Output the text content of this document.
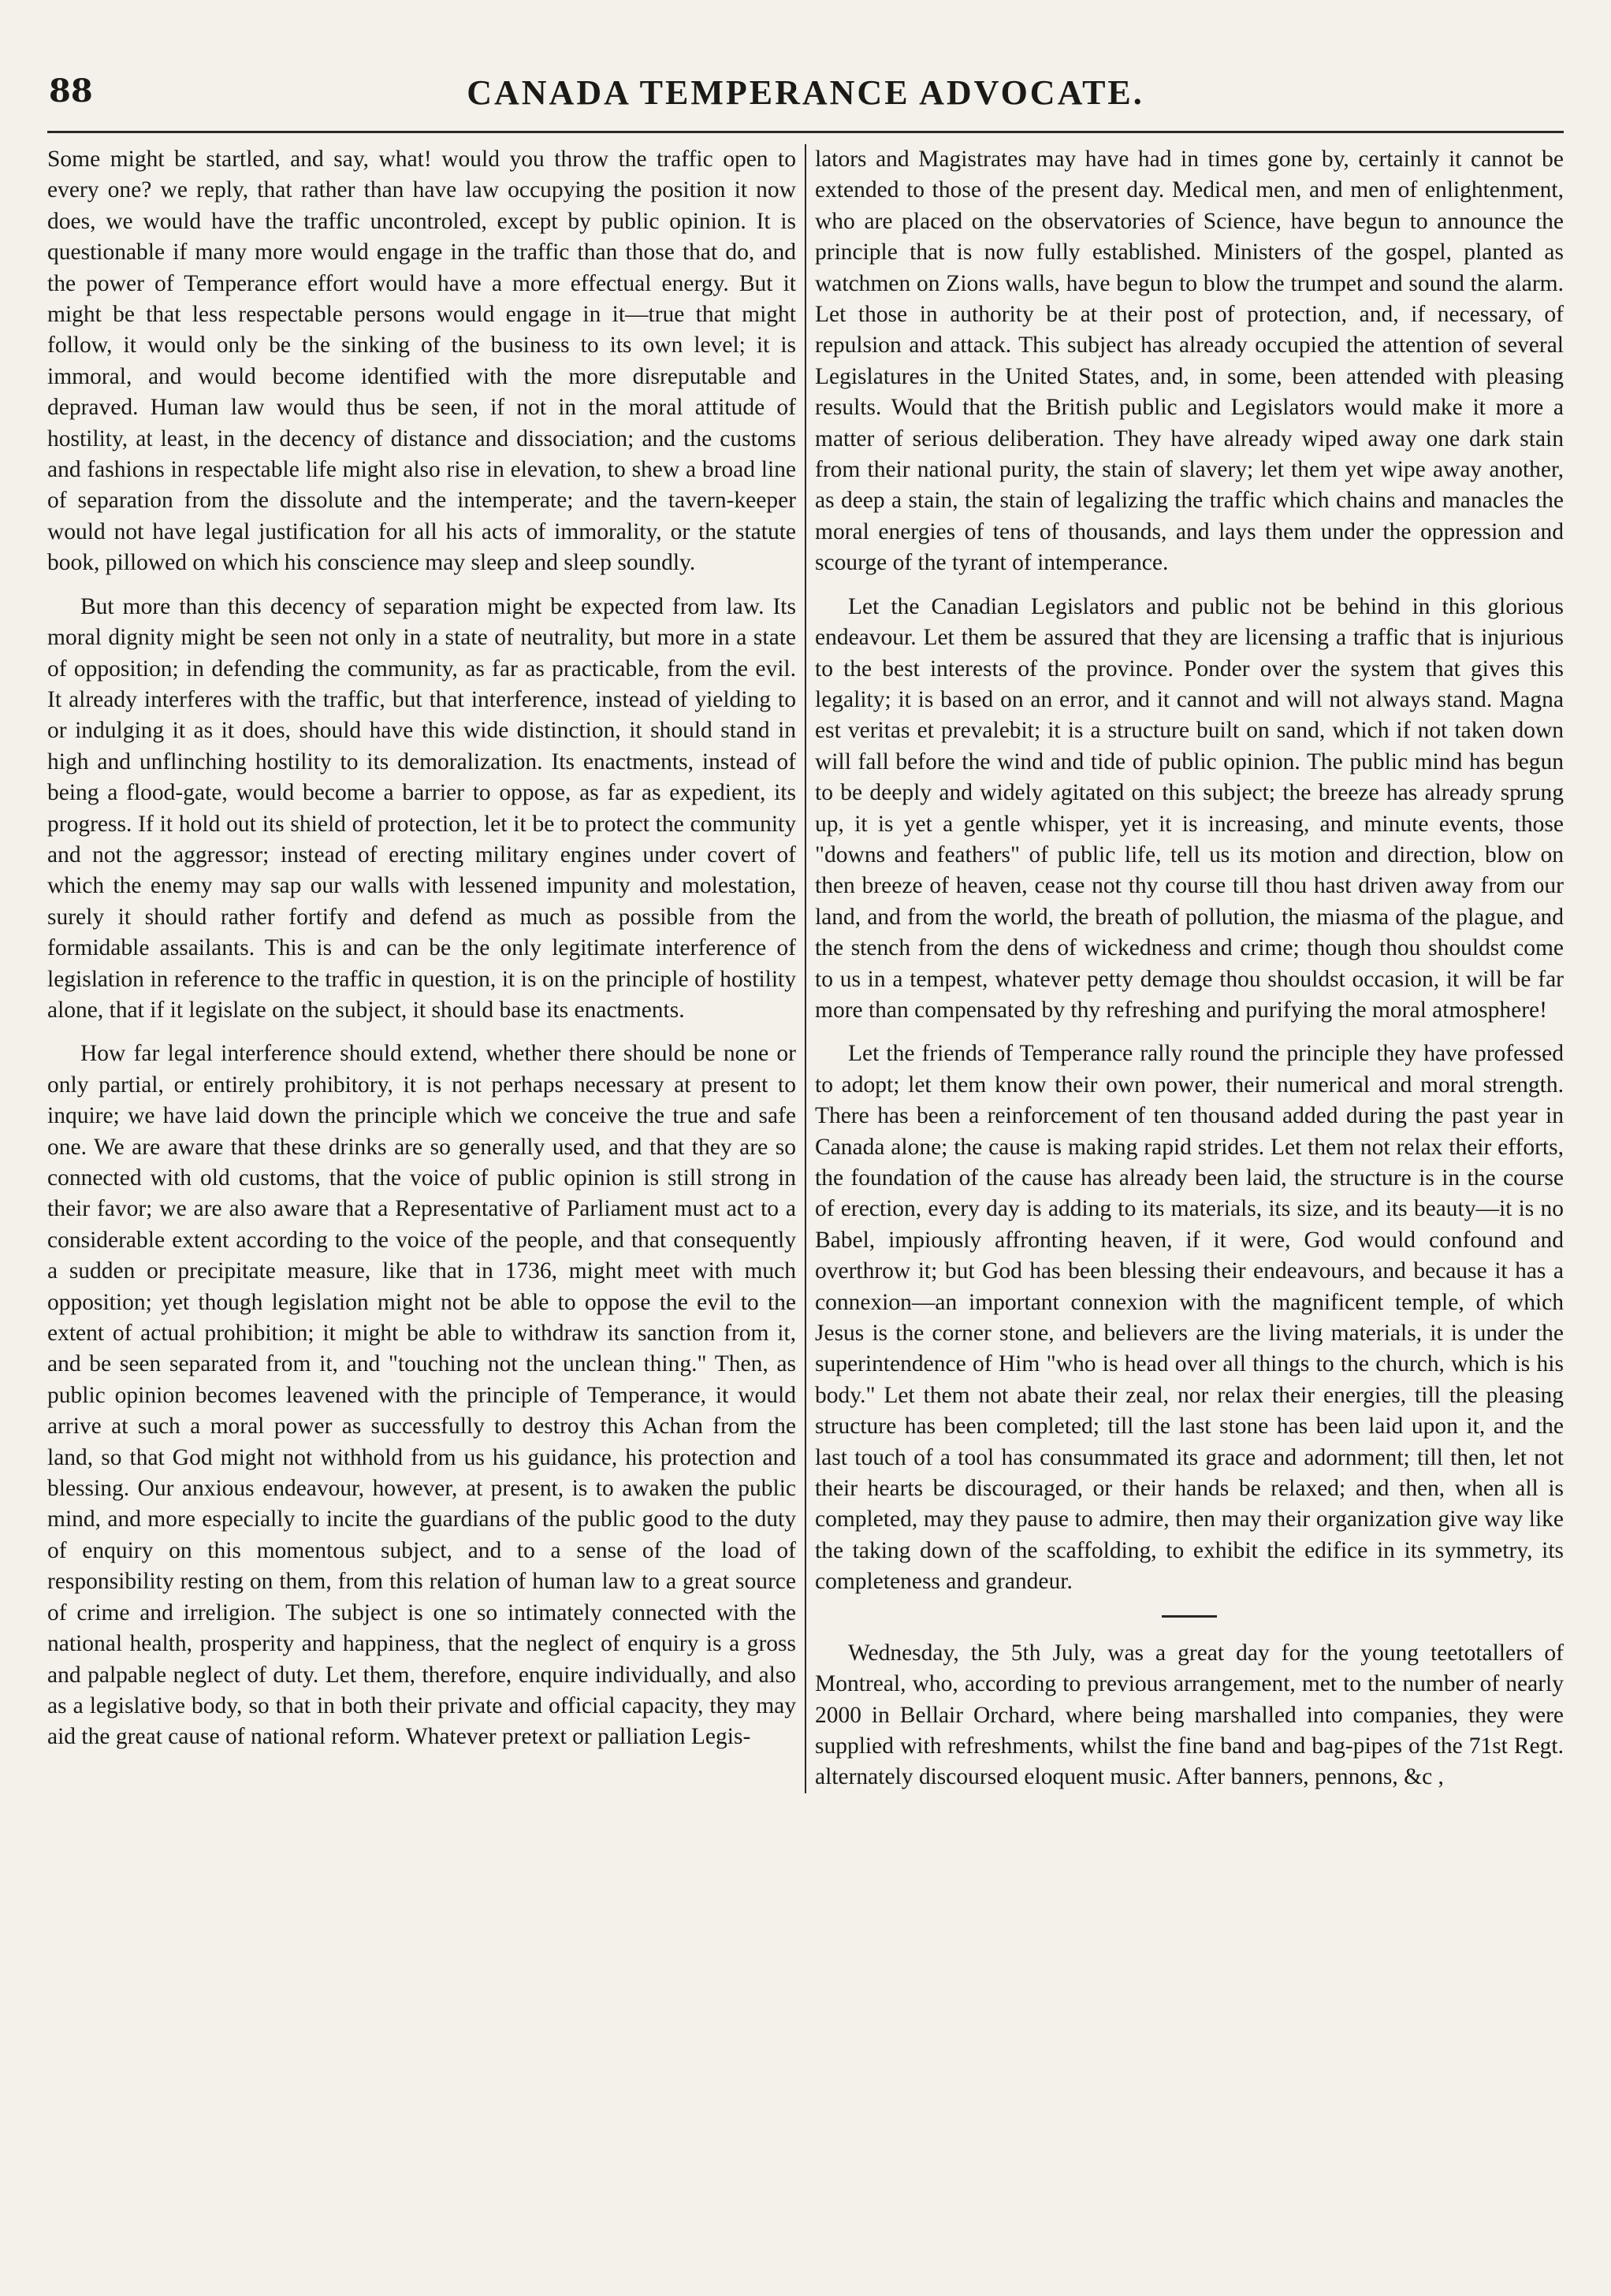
88	CANADA TEMPERANCE ADVOCATE.

Some might be startled, and say, what! would you throw the traffic open to every one? we reply, that rather than have law occupying the position it now does, we would have the traffic uncontroled, except by public opinion. It is questionable if many more would engage in the traffic than those that do, and the power of Temperance effort would have a more effectual energy. But it might be that less respectable persons would engage in it—true that might follow, it would only be the sinking of the business to its own level; it is immoral, and would become identified with the more disreputable and depraved. Human law would thus be seen, if not in the moral attitude of hostility, at least, in the decency of distance and dissociation; and the customs and fashions in respectable life might also rise in elevation, to shew a broad line of separation from the dissolute and the intemperate; and the tavern-keeper would not have legal justification for all his acts of immorality, or the statute book, pillowed on which his conscience may sleep and sleep soundly.

But more than this decency of separation might be expected from law. Its moral dignity might be seen not only in a state of neutrality, but more in a state of opposition; in defending the community, as far as practicable, from the evil. It already interferes with the traffic, but that interference, instead of yielding to or indulging it as it does, should have this wide distinction, it should stand in high and unflinching hostility to its demoralization. Its enactments, instead of being a flood-gate, would become a barrier to oppose, as far as expedient, its progress. If it hold out its shield of protection, let it be to protect the community and not the aggressor; instead of erecting military engines under covert of which the enemy may sap our walls with lessened impunity and molestation, surely it should rather fortify and defend as much as possible from the formidable assailants. This is and can be the only legitimate interference of legislation in reference to the traffic in question, it is on the principle of hostility alone, that if it legislate on the subject, it should base its enactments.

How far legal interference should extend, whether there should be none or only partial, or entirely prohibitory, it is not perhaps necessary at present to inquire; we have laid down the principle which we conceive the true and safe one. We are aware that these drinks are so generally used, and that they are so connected with old customs, that the voice of public opinion is still strong in their favor; we are also aware that a Representative of Parliament must act to a considerable extent according to the voice of the people, and that consequently a sudden or precipitate measure, like that in 1736, might meet with much opposition; yet though legislation might not be able to oppose the evil to the extent of actual prohibition; it might be able to withdraw its sanction from it, and be seen separated from it, and "touching not the unclean thing." Then, as public opinion becomes leavened with the principle of Temperance, it would arrive at such a moral power as successfully to destroy this Achan from the land, so that God might not withhold from us his guidance, his protection and blessing. Our anxious endeavour, however, at present, is to awaken the public mind, and more especially to incite the guardians of the public good to the duty of enquiry on this momentous subject, and to a sense of the load of responsibility resting on them, from this relation of human law to a great source of crime and irreligion. The subject is one so intimately connected with the national health, prosperity and happiness, that the neglect of enquiry is a gross and palpable neglect of duty. Let them, therefore, enquire individually, and also as a legislative body, so that in both their private and official capacity, they may aid the great cause of national reform. Whatever pretext or palliation Legis-

lators and Magistrates may have had in times gone by, certainly it cannot be extended to those of the present day. Medical men, and men of enlightenment, who are placed on the observatories of Science, have begun to announce the principle that is now fully established. Ministers of the gospel, planted as watchmen on Zions walls, have begun to blow the trumpet and sound the alarm. Let those in authority be at their post of protection, and, if necessary, of repulsion and attack. This subject has already occupied the attention of several Legislatures in the United States, and, in some, been attended with pleasing results. Would that the British public and Legislators would make it more a matter of serious deliberation. They have already wiped away one dark stain from their national purity, the stain of slavery; let them yet wipe away another, as deep a stain, the stain of legalizing the traffic which chains and manacles the moral energies of tens of thousands, and lays them under the oppression and scourge of the tyrant of intemperance.

Let the Canadian Legislators and public not be behind in this glorious endeavour. Let them be assured that they are licensing a traffic that is injurious to the best interests of the province. Ponder over the system that gives this legality; it is based on an error, and it cannot and will not always stand. Magna est veritas et prevalebit; it is a structure built on sand, which if not taken down will fall before the wind and tide of public opinion. The public mind has begun to be deeply and widely agitated on this subject; the breeze has already sprung up, it is yet a gentle whisper, yet it is increasing, and minute events, those "downs and feathers" of public life, tell us its motion and direction, blow on then breeze of heaven, cease not thy course till thou hast driven away from our land, and from the world, the breath of pollution, the miasma of the plague, and the stench from the dens of wickedness and crime; though thou shouldst come to us in a tempest, whatever petty demage thou shouldst occasion, it will be far more than compensated by thy refreshing and purifying the moral atmosphere!

Let the friends of Temperance rally round the principle they have professed to adopt; let them know their own power, their numerical and moral strength. There has been a reinforcement of ten thousand added during the past year in Canada alone; the cause is making rapid strides. Let them not relax their efforts, the foundation of the cause has already been laid, the structure is in the course of erection, every day is adding to its materials, its size, and its beauty—it is no Babel, impiously affronting heaven, if it were, God would confound and overthrow it; but God has been blessing their endeavours, and because it has a connexion—an important connexion with the magnificent temple, of which Jesus is the corner stone, and believers are the living materials, it is under the superintendence of Him "who is head over all things to the church, which is his body." Let them not abate their zeal, nor relax their energies, till the pleasing structure has been completed; till the last stone has been laid upon it, and the last touch of a tool has consummated its grace and adornment; till then, let not their hearts be discouraged, or their hands be relaxed; and then, when all is completed, may they pause to admire, then may their organization give way like the taking down of the scaffolding, to exhibit the edifice in its symmetry, its completeness and grandeur.

Wednesday, the 5th July, was a great day for the young teetotallers of Montreal, who, according to previous arrangement, met to the number of nearly 2000 in Bellair Orchard, where being marshalled into companies, they were supplied with refreshments, whilst the fine band and bag-pipes of the 71st Regt. alternately discoursed eloquent music. After banners, pennons, &c ,
